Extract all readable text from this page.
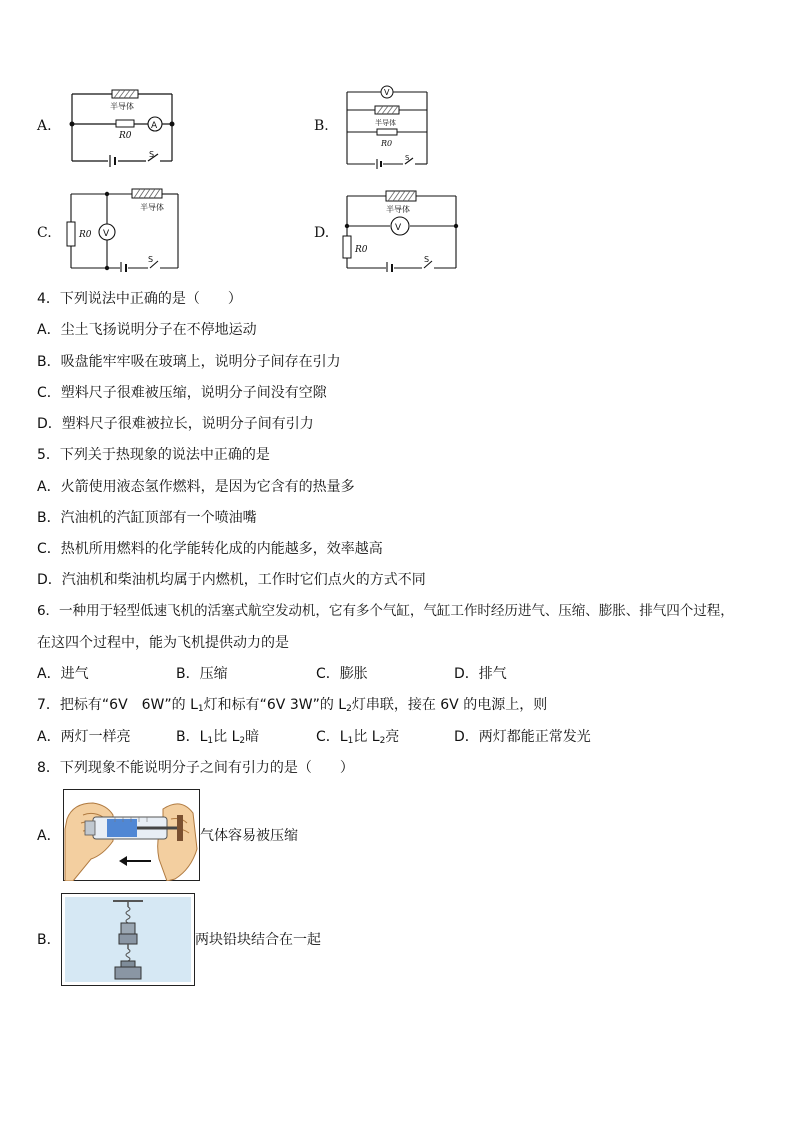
A.
半导体
R0
A
S
B.
V
半导体
R0
S
C.	R0 V
半导体
S
D.
半导体
R0
V
S
4．下列说法中正确的是（　　）
A．尘土飞扬说明分子在不停地运动
B．吸盘能牢牢吸在玻璃上，说明分子间存在引力
C．塑料尺子很难被压缩，说明分子间没有空隙
D．塑料尺子很难被拉长，说明分子间有引力
5．下列关于热现象的说法中正确的是
A．火箭使用液态氢作燃料，是因为它含有的热量多
B．汽油机的汽缸顶部有一个喷油嘴
C．热机所用燃料的化学能转化成的内能越多，效率越高
D．汽油机和柴油机均属于内燃机，工作时它们点火的方式不同
6．一种用于轻型低速飞机的活塞式航空发动机，它有多个气缸，气缸工作时经历进气、压缩、膨胀、排气四个过程，
在这四个过程中，能为飞机提供动力的是
A．进气	B．压缩	C．膨胀	D．排气
7．把标有“6V　6W”的 $L_1$灯和标有“6V 3W”的 $L_2$灯串联，接在 6V 的电源上，则
A．两灯一样亮	B．$L_1$比 $L_2$暗	C．$L_1$比 $L_2$亮	D．两灯都能正常发光
8．下列现象不能说明分子之间有引力的是（　　）
A．	气体容易被压缩
B．	两块铅块结合在一起
